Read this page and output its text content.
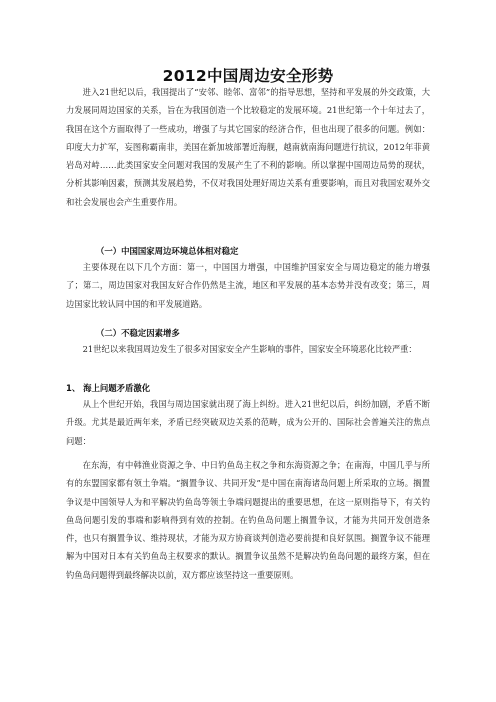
2012中国周边安全形势

进入21世纪以后，我国提出了“安邻、睦邻、富邻”的指导思想，坚持和平发展的外交政策，大力发展同周边国家的关系，旨在为我国创造一个比较稳定的发展环境。21世纪第一个十年过去了，我国在这个方面取得了一些成功，增强了与其它国家的经济合作，但也出现了很多的问题。例如：印度大力扩军，妄图称霸南非，美国在新加坡部署近海舰，越南就南海问题进行抗议，2012年菲黄岩岛对峙……此类国家安全问题对我国的发展产生了不利的影响。所以掌握中国周边局势的现状，分析其影响因素，预测其发展趋势，不仅对我国处理好周边关系有重要影响，而且对我国宏观外交和社会发展也会产生重要作用。

（一）中国国家周边环境总体相对稳定

主要体现在以下几个方面：第一，中国国力增强，中国维护国家安全与周边稳定的能力增强了；第二，周边国家对我国友好合作仍然是主流，地区和平发展的基本态势并没有改变；第三，周边国家比较认同中国的和平发展道路。

（二）不稳定因素增多

21世纪以来我国周边发生了很多对国家安全产生影响的事件，国家安全环境恶化比较严重：

1、 海上问题矛盾激化

从上个世纪开始，我国与周边国家就出现了海上纠纷。进入21世纪以后，纠纷加剧，矛盾不断升级。尤其是最近两年来，矛盾已经突破双边关系的范畴，成为公开的、国际社会普遍关注的焦点问题：

在东海，有中韩渔业资源之争、中日钓鱼岛主权之争和东海资源之争；在南海，中国几乎与所有的东盟国家都有领土争端。“搁置争议、共同开发”是中国在南海诸岛问题上所采取的立场。搁置争议是中国领导人为和平解决钓鱼岛等领土争端问题提出的重要思想，在这一原则指导下，有关钓鱼岛问题引发的事端和影响得到有效的控制。在钓鱼岛问题上搁置争议，才能为共同开发创造条件，也只有搁置争议、维持现状，才能为双方协商谈判创造必要前提和良好氛围。搁置争议不能理解为中国对日本有关钓鱼岛主权要求的默认。搁置争议虽然不是解决钓鱼岛问题的最终方案，但在钓鱼岛问题得到最终解决以前，双方都应该坚持这一重要原则。
